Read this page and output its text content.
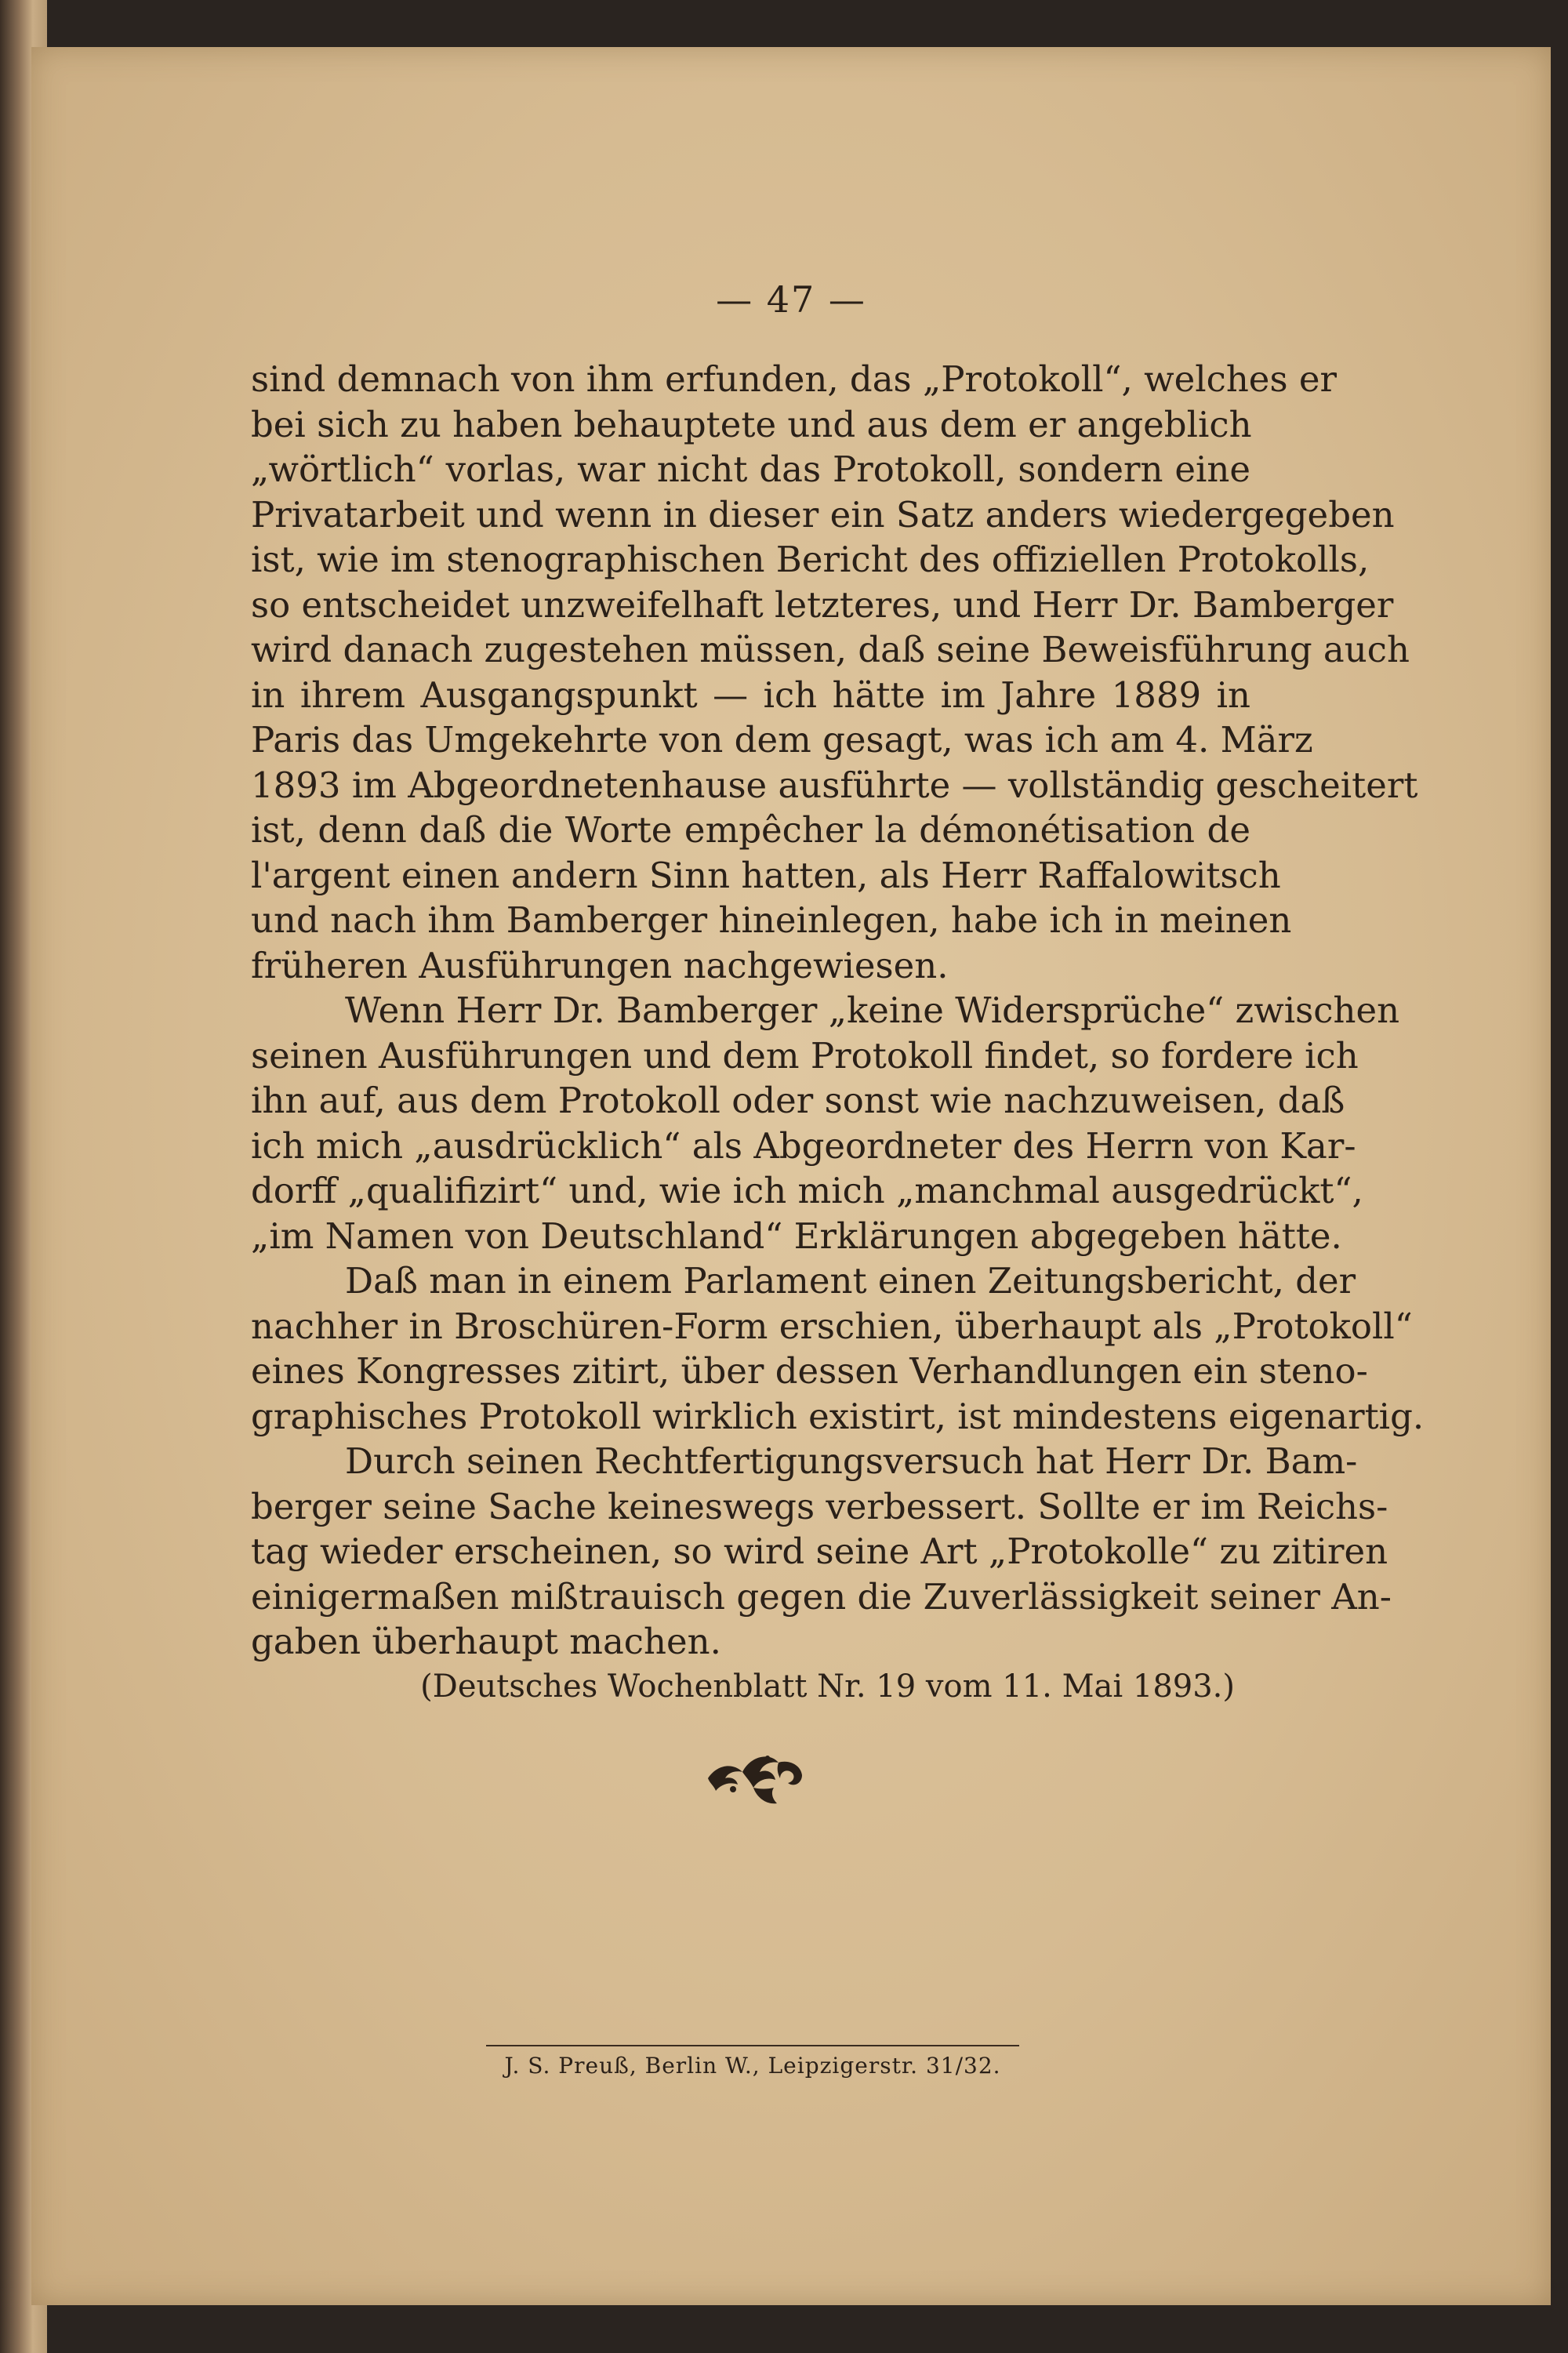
— 47 —
sind demnach von ihm erfunden, das „Protokoll“, welches er
bei sich zu haben behauptete und aus dem er angeblich
„wörtlich“ vorlas, war nicht das Protokoll, sondern eine
Privatarbeit und wenn in dieser ein Satz anders wiedergegeben
ist, wie im stenographischen Bericht des offiziellen Protokolls,
so entscheidet unzweifelhaft letzteres, und Herr Dr. Bamberger
wird danach zugestehen müssen, daß seine Beweisführung auch
in ihrem Ausgangspunkt — ich hätte im Jahre 1889 in
Paris das Umgekehrte von dem gesagt, was ich am 4. März
1893 im Abgeordnetenhause ausführte — vollständig gescheitert
ist, denn daß die Worte empêcher la démonétisation de
l'argent einen andern Sinn hatten, als Herr Raffalowitsch
und nach ihm Bamberger hineinlegen, habe ich in meinen
früheren Ausführungen nachgewiesen.
Wenn Herr Dr. Bamberger „keine Widersprüche“ zwischen
seinen Ausführungen und dem Protokoll findet, so fordere ich
ihn auf, aus dem Protokoll oder sonst wie nachzuweisen, daß
ich mich „ausdrücklich“ als Abgeordneter des Herrn von Kar-
dorff „qualifizirt“ und, wie ich mich „manchmal ausgedrückt“,
„im Namen von Deutschland“ Erklärungen abgegeben hätte.
Daß man in einem Parlament einen Zeitungsbericht, der
nachher in Broschüren-Form erschien, überhaupt als „Protokoll“
eines Kongresses zitirt, über dessen Verhandlungen ein steno-
graphisches Protokoll wirklich existirt, ist mindestens eigenartig.
Durch seinen Rechtfertigungsversuch hat Herr Dr. Bam-
berger seine Sache keineswegs verbessert. Sollte er im Reichs-
tag wieder erscheinen, so wird seine Art „Protokolle“ zu zitiren
einigermaßen mißtrauisch gegen die Zuverlässigkeit seiner An-
gaben überhaupt machen.
(Deutsches Wochenblatt Nr. 19 vom 11. Mai 1893.)
J. S. Preuß, Berlin W., Leipzigerstr. 31/32.
